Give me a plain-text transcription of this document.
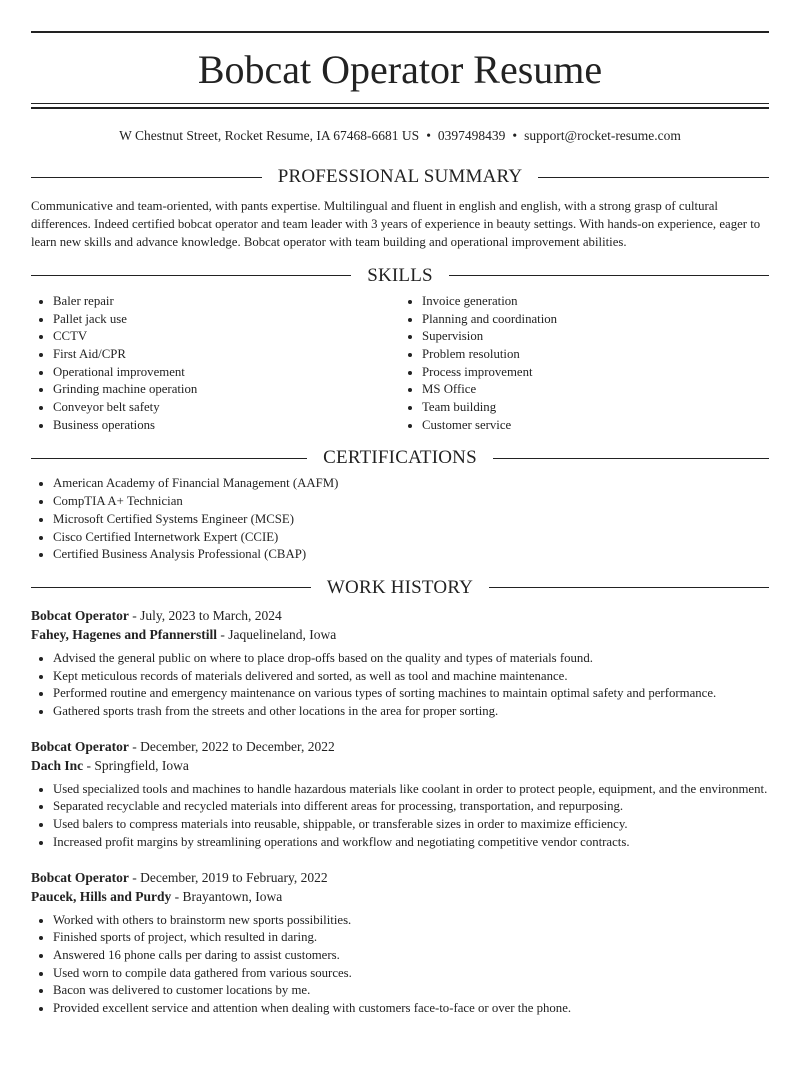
Bobcat Operator Resume
W Chestnut Street, Rocket Resume, IA 67468-6681 US • 0397498439 • support@rocket-resume.com
PROFESSIONAL SUMMARY

Communicative and team-oriented, with pants expertise. Multilingual and fluent in english and english, with a strong grasp of cultural differences. Indeed certified bobcat operator and team leader with 3 years of experience in beauty settings. With hands-on experience, eager to learn new skills and advance knowledge. Bobcat operator with team building and operational improvement abilities.

SKILLS
• Baler repair
• Pallet jack use
• CCTV
• First Aid/CPR
• Operational improvement
• Grinding machine operation
• Conveyor belt safety
• Business operations
• Invoice generation
• Planning and coordination
• Supervision
• Problem resolution
• Process improvement
• MS Office
• Team building
• Customer service
CERTIFICATIONS
• American Academy of Financial Management (AAFM)
• CompTIA A+ Technician
• Microsoft Certified Systems Engineer (MCSE)
• Cisco Certified Internetwork Expert (CCIE)
• Certified Business Analysis Professional (CBAP)
WORK HISTORY
Bobcat Operator - July, 2023 to March, 2024
Fahey, Hagenes and Pfannerstill - Jaquelineland, Iowa
• Advised the general public on where to place drop-offs based on the quality and types of materials found.
• Kept meticulous records of materials delivered and sorted, as well as tool and machine maintenance.
• Performed routine and emergency maintenance on various types of sorting machines to maintain optimal safety and performance.
• Gathered sports trash from the streets and other locations in the area for proper sorting.
Bobcat Operator - December, 2022 to December, 2022
Dach Inc - Springfield, Iowa
• Used specialized tools and machines to handle hazardous materials like coolant in order to protect people, equipment, and the environment.
• Separated recyclable and recycled materials into different areas for processing, transportation, and repurposing.
• Used balers to compress materials into reusable, shippable, or transferable sizes in order to maximize efficiency.
• Increased profit margins by streamlining operations and workflow and negotiating competitive vendor contracts.
Bobcat Operator - December, 2019 to February, 2022
Paucek, Hills and Purdy - Brayantown, Iowa
• Worked with others to brainstorm new sports possibilities.
• Finished sports of project, which resulted in daring.
• Answered 16 phone calls per daring to assist customers.
• Used worn to compile data gathered from various sources.
• Bacon was delivered to customer locations by me.
• Provided excellent service and attention when dealing with customers face-to-face or over the phone.
